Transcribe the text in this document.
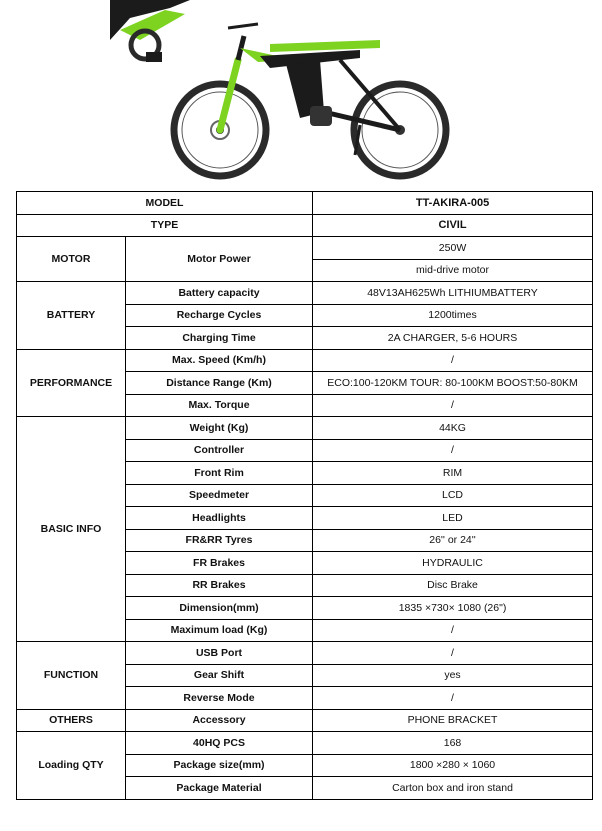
MODEL		TT-AKIRA-005
TYPE		CIVIL
MOTOR	Motor Power	250W
		mid-drive motor
BATTERY	Battery capacity	48V13AH625Wh LITHIUMBATTERY
	Recharge Cycles	1200times
	Charging Time	2A CHARGER, 5-6 HOURS
PERFORMANCE	Max. Speed (Km/h)	/
	Distance Range (Km)	ECO:100-120KM TOUR: 80-100KM BOOST:50-80KM
	Max. Torque	/
BASIC INFO	Weight (Kg)	44KG
	Controller	/
	Front Rim	RIM
	Speedmeter	LCD
	Headlights	LED
	FR&RR Tyres	26'' or 24''
	FR Brakes	HYDRAULIC
	RR Brakes	Disc Brake
	Dimension(mm)	1835 ×730× 1080 (26")
	Maximum load (Kg)	/
FUNCTION	USB Port	/
	Gear Shift	yes
	Reverse Mode	/
OTHERS	Accessory	PHONE BRACKET
Loading QTY	40HQ PCS	168
	Package size(mm)	1800 ×280 × 1060
	Package Material	Carton box and iron stand
